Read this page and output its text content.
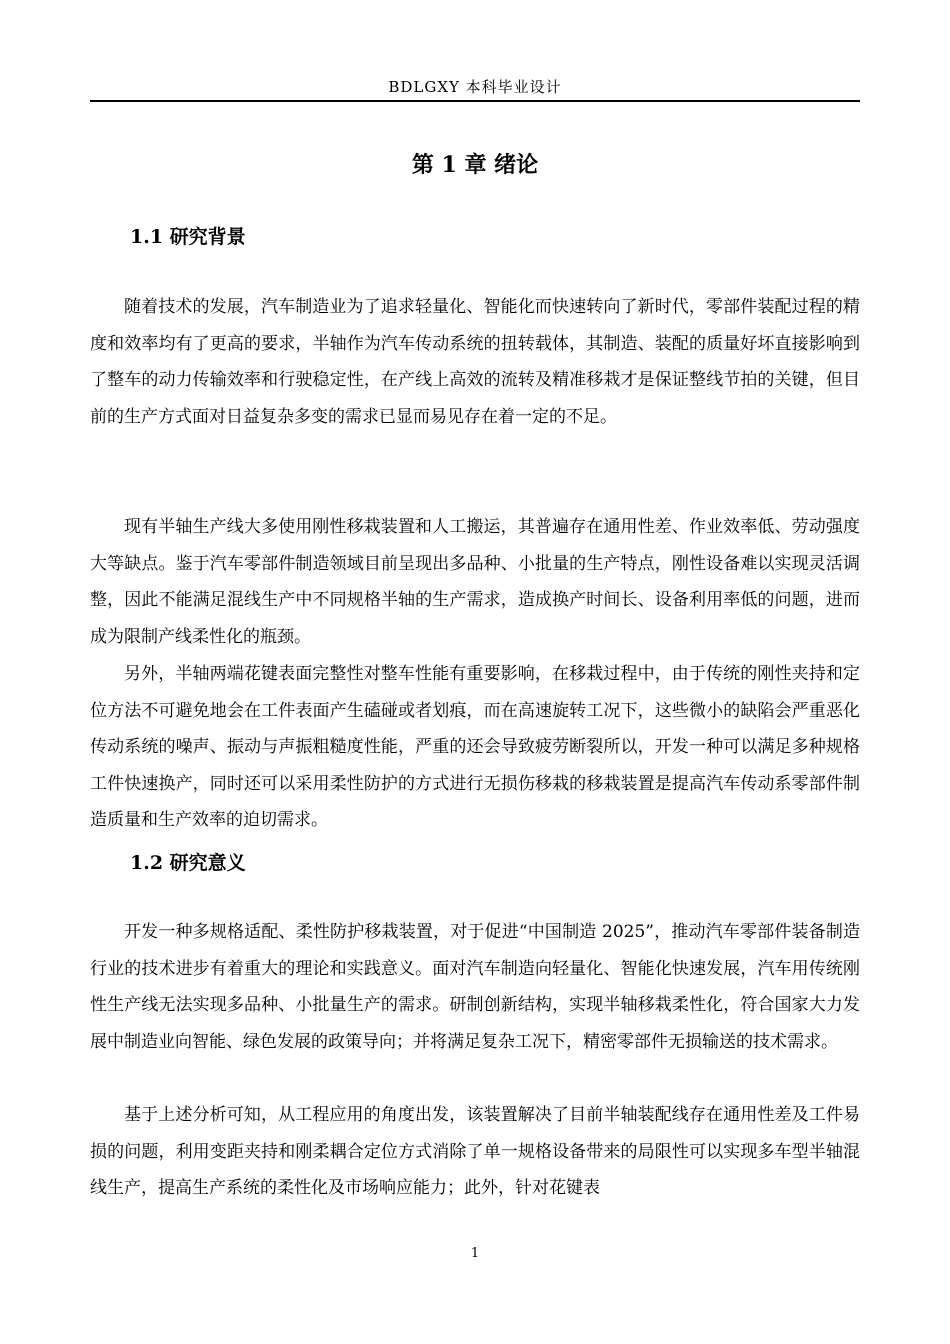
BDLGXY 本科毕业设计
第 1 章 绪论
1.1 研究背景

随着技术的发展，汽车制造业为了追求轻量化、智能化而快速转向了新时代，零部件装配过程的精度和效率均有了更高的要求，半轴作为汽车传动系统的扭转载体，其制造、装配的质量好坏直接影响到了整车的动力传输效率和行驶稳定性，在产线上高效的流转及精准移栽才是保证整线节拍的关键，但目前的生产方式面对日益复杂多变的需求已显而易见存在着一定的不足。

现有半轴生产线大多使用刚性移栽装置和人工搬运，其普遍存在通用性差、作业效率低、劳动强度大等缺点。鉴于汽车零部件制造领域目前呈现出多品种、小批量的生产特点，刚性设备难以实现灵活调整，因此不能满足混线生产中不同规格半轴的生产需求，造成换产时间长、设备利用率低的问题，进而成为限制产线柔性化的瓶颈。

另外，半轴两端花键表面完整性对整车性能有重要影响，在移栽过程中，由于传统的刚性夹持和定位方法不可避免地会在工件表面产生磕碰或者划痕，而在高速旋转工况下，这些微小的缺陷会严重恶化传动系统的噪声、振动与声振粗糙度性能，严重的还会导致疲劳断裂所以，开发一种可以满足多种规格工件快速换产，同时还可以采用柔性防护的方式进行无损伤移栽的移栽装置是提高汽车传动系零部件制造质量和生产效率的迫切需求。

1.2 研究意义

开发一种多规格适配、柔性防护移栽装置，对于促进“中国制造 2025”，推动汽车零部件装备制造行业的技术进步有着重大的理论和实践意义。面对汽车制造向轻量化、智能化快速发展，汽车用传统刚性生产线无法实现多品种、小批量生产的需求。研制创新结构，实现半轴移栽柔性化，符合国家大力发展中制造业向智能、绿色发展的政策导向；并将满足复杂工况下，精密零部件无损输送的技术需求。

基于上述分析可知，从工程应用的角度出发，该装置解决了目前半轴装配线存在通用性差及工件易损的问题，利用变距夹持和刚柔耦合定位方式消除了单一规格设备带来的局限性可以实现多车型半轴混线生产，提高生产系统的柔性化及市场响应能力；此外，针对花键表

1
